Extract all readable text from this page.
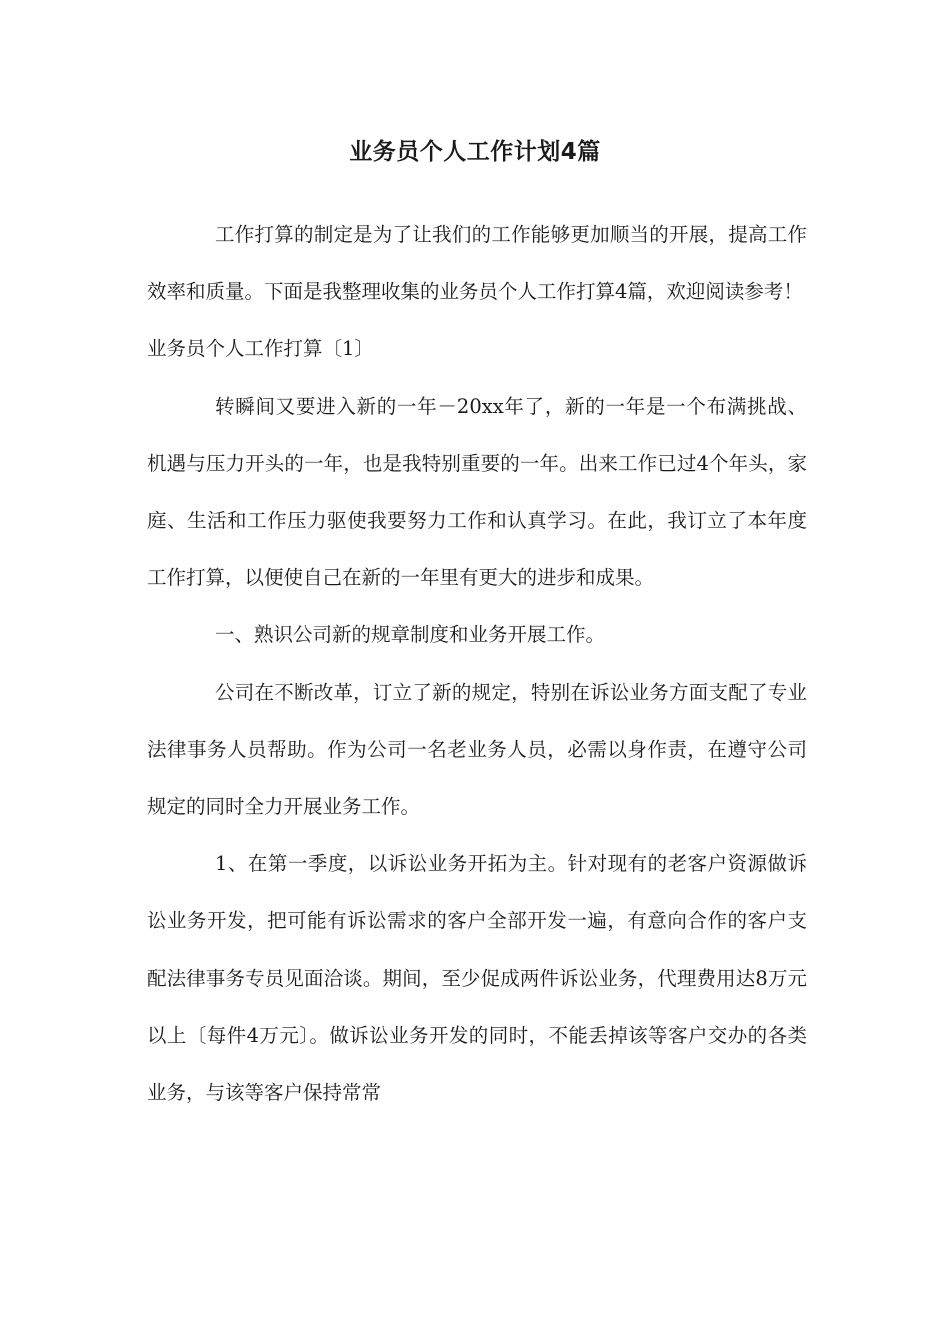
业务员个人工作计划4篇

工作打算的制定是为了让我们的工作能够更加顺当的开展，提高工作效率和质量。下面是我整理收集的业务员个人工作打算4篇，欢迎阅读参考！

业务员个人工作打算〔1〕

转瞬间又要进入新的一年－20xx年了，新的一年是一个布满挑战、机遇与压力开头的一年，也是我特别重要的一年。出来工作已过4个年头，家庭、生活和工作压力驱使我要努力工作和认真学习。在此，我订立了本年度工作打算，以便使自己在新的一年里有更大的进步和成果。

一、熟识公司新的规章制度和业务开展工作。

公司在不断改革，订立了新的规定，特别在诉讼业务方面支配了专业法律事务人员帮助。作为公司一名老业务人员，必需以身作责，在遵守公司规定的同时全力开展业务工作。

1、在第一季度，以诉讼业务开拓为主。针对现有的老客户资源做诉讼业务开发，把可能有诉讼需求的客户全部开发一遍，有意向合作的客户支配法律事务专员见面洽谈。期间，至少促成两件诉讼业务，代理费用达8万元以上〔每件4万元〕。做诉讼业务开发的同时，不能丢掉该等客户交办的各类业务，与该等客户保持常常
